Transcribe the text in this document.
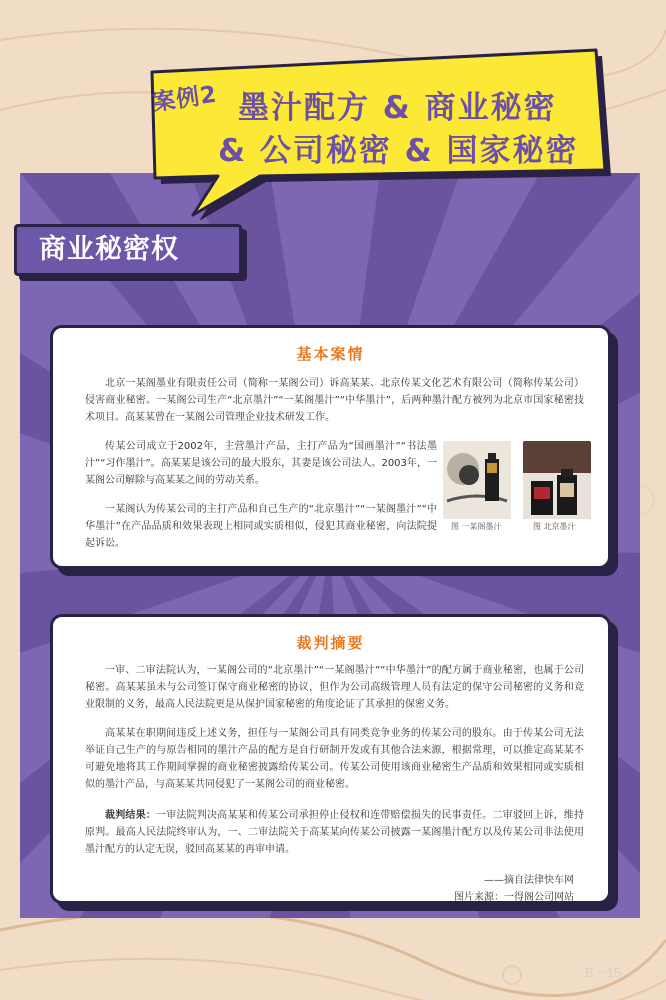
案例2 墨汁配方 & 商业秘密
& 公司秘密 & 国家秘密
商业秘密权
基本案情

北京一某阁墨业有限责任公司（简称一某阁公司）诉高某某、北京传某文化艺术有限公司（简称传某公司）侵害商业秘密。一某阁公司生产“北京墨汁”“一某阁墨汁”“中华墨汁”，后两种墨汁配方被列为北京市国家秘密技术项目。高某某曾在一某阁公司管理企业技术研发工作。

传某公司成立于2002年，主营墨汁产品，主打产品为“国画墨汁”“书法墨汁”“习作墨汁”。高某某是该公司的最大股东，其妻是该公司法人。2003年，一某阁公司解除与高某某之间的劳动关系。

一某阁认为传某公司的主打产品和自己生产的“北京墨汁”“一某阁墨汁”“中华墨汁”在产品品质和效果表现上相同或实质相似，侵犯其商业秘密，向法院提起诉讼。

图 一某阁墨汁	图 北京墨汁
裁判摘要

一审、二审法院认为，一某阁公司的“北京墨汁”“一某阁墨汁”“中华墨汁”的配方属于商业秘密，也属于公司秘密。高某某虽未与公司签订保守商业秘密的协议，但作为公司高级管理人员有法定的保守公司秘密的义务和竞业限制的义务，最高人民法院更是从保护国家秘密的角度论证了其承担的保密义务。

高某某在职期间违反上述义务，担任与一某阁公司具有同类竞争业务的传某公司的股东。由于传某公司无法举证自己生产的与原告相同的墨汁产品的配方是自行研制开发或有其他合法来源，根据常理，可以推定高某某不可避免地将其工作期间掌握的商业秘密披露给传某公司。传某公司使用该商业秘密生产品质和效果相同或实质相似的墨汁产品，与高某某共同侵犯了一某阁公司的商业秘密。

裁判结果：一审法院判决高某某和传某公司承担停止侵权和连带赔偿损失的民事责任。二审驳回上诉，维持原判。最高人民法院终审认为，一、二审法院关于高某某向传某公司披露一某阁墨汁配方以及传某公司非法使用墨汁配方的认定无误，驳回高某某的再审申请。

——摘自法律快车网
图片来源：一得阁公司网站
B－15
